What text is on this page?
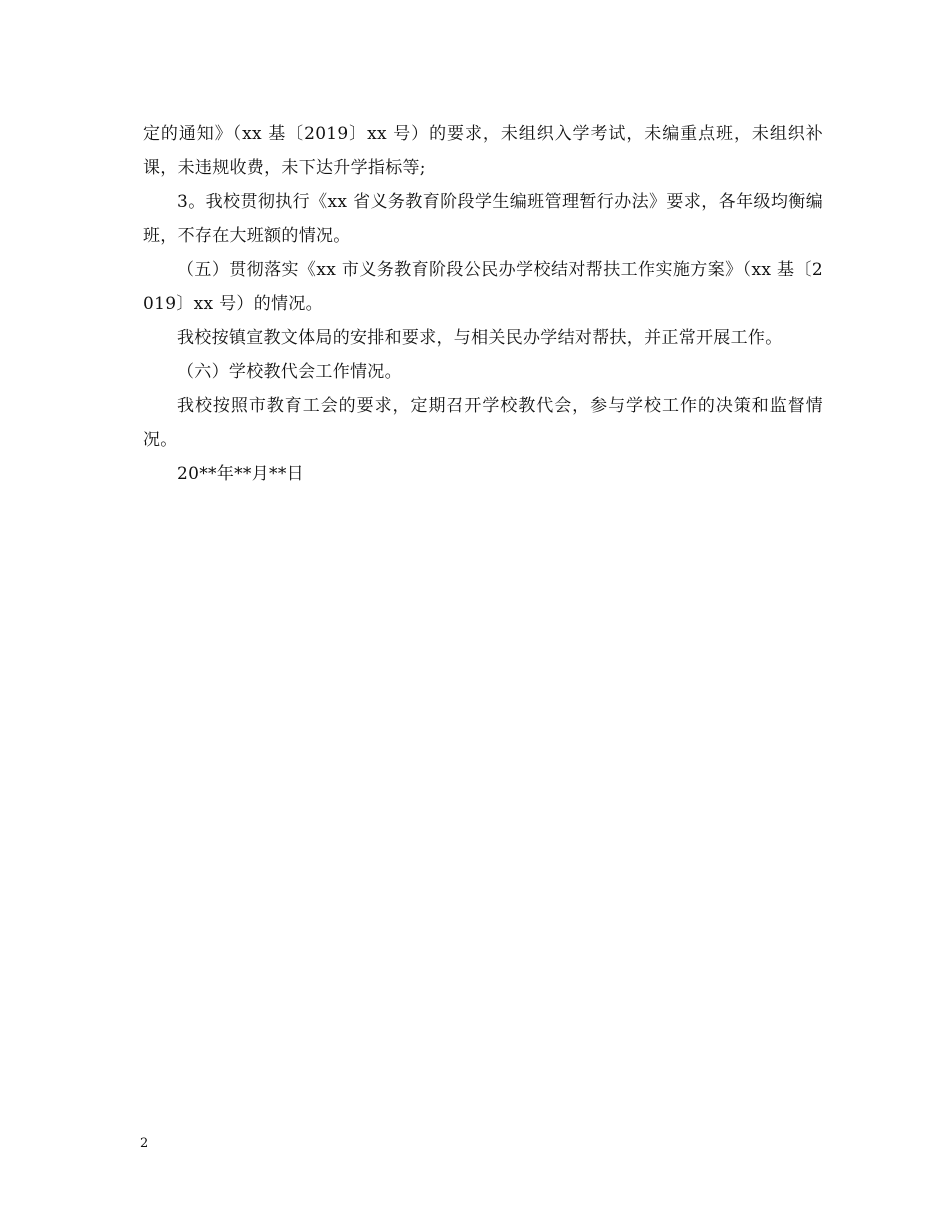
定的通知》（xx 基〔2019〕xx 号）的要求，未组织入学考试，未编重点班，未组织补课，未违规收费，未下达升学指标等;

3。我校贯彻执行《xx 省义务教育阶段学生编班管理暂行办法》要求，各年级均衡编班，不存在大班额的情况。

（五）贯彻落实《xx 市义务教育阶段公民办学校结对帮扶工作实施方案》（xx 基〔2019〕xx 号）的情况。

我校按镇宣教文体局的安排和要求，与相关民办学结对帮扶，并正常开展工作。

（六）学校教代会工作情况。

我校按照市教育工会的要求，定期召开学校教代会，参与学校工作的决策和监督情况。

20**年**月**日

2
